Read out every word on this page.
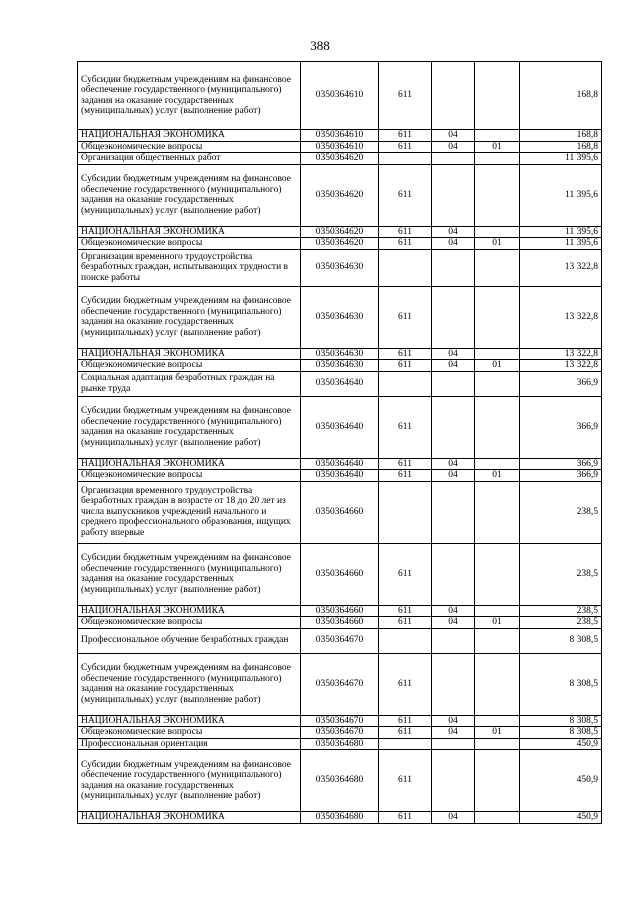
388
Субсидии бюджетным учреждениям на финансовое обеспечение государственного (муниципального) задания на оказание государственных (муниципальных) услуг (выполнение работ)	0350364610	611			168,8
НАЦИОНАЛЬНАЯ ЭКОНОМИКА	0350364610	611	04		168,8
Общеэкономические вопросы	0350364610	611	04	01	168,8
Организация общественных работ	0350364620				11 395,6
Субсидии бюджетным учреждениям на финансовое обеспечение государственного (муниципального) задания на оказание государственных (муниципальных) услуг (выполнение работ)	0350364620	611			11 395,6
НАЦИОНАЛЬНАЯ ЭКОНОМИКА	0350364620	611	04		11 395,6
Общеэкономические вопросы	0350364620	611	04	01	11 395,6
Организация временного трудоустройства безработных граждан, испытывающих трудности в поиске работы	0350364630				13 322,8
Субсидии бюджетным учреждениям на финансовое обеспечение государственного (муниципального) задания на оказание государственных (муниципальных) услуг (выполнение работ)	0350364630	611			13 322,8
НАЦИОНАЛЬНАЯ ЭКОНОМИКА	0350364630	611	04		13 322,8
Общеэкономические вопросы	0350364630	611	04	01	13 322,8
Социальная адаптация безработных граждан на рынке труда	0350364640				366,9
Субсидии бюджетным учреждениям на финансовое обеспечение государственного (муниципального) задания на оказание государственных (муниципальных) услуг (выполнение работ)	0350364640	611			366,9
НАЦИОНАЛЬНАЯ ЭКОНОМИКА	0350364640	611	04		366,9
Общеэкономические вопросы	0350364640	611	04	01	366,9
Организация временного трудоустройства безработных граждан в возрасте от 18 до 20 лет из числа выпускников учреждений начального и среднего профессионального образования, ищущих работу впервые	0350364660				238,5
Субсидии бюджетным учреждениям на финансовое обеспечение государственного (муниципального) задания на оказание государственных (муниципальных) услуг (выполнение работ)	0350364660	611			238,5
НАЦИОНАЛЬНАЯ ЭКОНОМИКА	0350364660	611	04		238,5
Общеэкономические вопросы	0350364660	611	04	01	238,5
Профессиональное обучение безработных граждан	0350364670				8 308,5
Субсидии бюджетным учреждениям на финансовое обеспечение государственного (муниципального) задания на оказание государственных (муниципальных) услуг (выполнение работ)	0350364670	611			8 308,5
НАЦИОНАЛЬНАЯ ЭКОНОМИКА	0350364670	611	04		8 308,5
Общеэкономические вопросы	0350364670	611	04	01	8 308,5
Профессиональная ориентация	0350364680				450,9
Субсидии бюджетным учреждениям на финансовое обеспечение государственного (муниципального) задания на оказание государственных (муниципальных) услуг (выполнение работ)	0350364680	611			450,9
НАЦИОНАЛЬНАЯ ЭКОНОМИКА	0350364680	611	04		450,9
